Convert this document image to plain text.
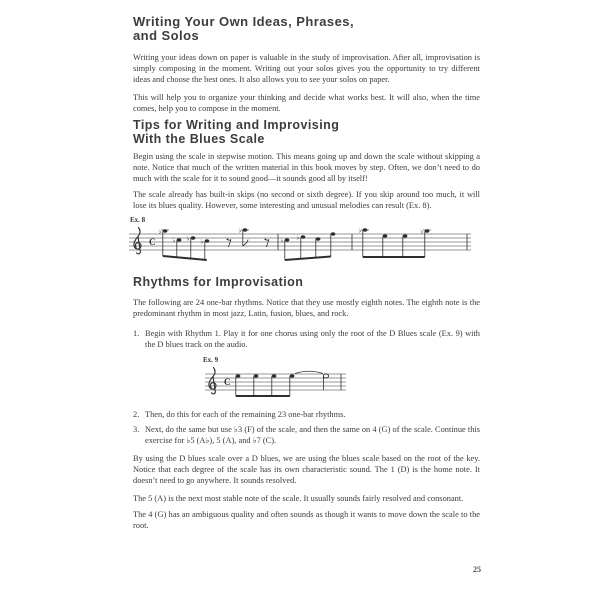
Writing Your Own Ideas, Phrases,
and Solos

Writing your ideas down on paper is valuable in the study of improvisation. After all, improvisation is simply composing in the moment. Writing out your solos gives you the opportunity to try different ideas and choose the best ones. It also allows you to see your solos on paper.

This will help you to organize your thinking and decide what works best. It will also, when the time comes, help you to compose in the moment.

Tips for Writing and Improvising
With the Blues Scale

Begin using the scale in stepwise motion. This means going up and down the scale without skipping a note. Notice that much of the written material in this book moves by step. Often, we don’t need to do much with the scale for it to sound good—it sounds good all by itself!

The scale already has built-in skips (no second or sixth degree). If you skip around too much, it will lose its blues quality. However, some interesting and unusual melodies can result (Ex. 8).

Ex. 8
C
♭
♭ ♭ ♭
♭
♭ ♭
♭	♭
Rhythms for Improvisation

The following are 24 one-bar rhythms. Notice that they use mostly eighth notes. The eighth note is the predominant rhythm in most jazz, Latin, fusion, blues, and rock.

1. Begin with Rhythm 1. Play it for one chorus using only the root of the D Blues scale (Ex. 9) with the D blues track on the audio.
Ex. 9
C
2. Then, do this for each of the remaining 23 one-bar rhythms.
3. Next, do the same but use ♭3 (F) of the scale, and then the same on 4 (G) of the scale. Continue this exercise for ♭5 (A♭), 5 (A), and ♭7 (C).

By using the D blues scale over a D blues, we are using the blues scale based on the root of the key. Notice that each degree of the scale has its own characteristic sound. The 1 (D) is the home note. It doesn’t need to go anywhere. It sounds resolved.

The 5 (A) is the next most stable note of the scale. It usually sounds fairly resolved and consonant.

The 4 (G) has an ambiguous quality and often sounds as though it wants to move down the scale to the root.

25
